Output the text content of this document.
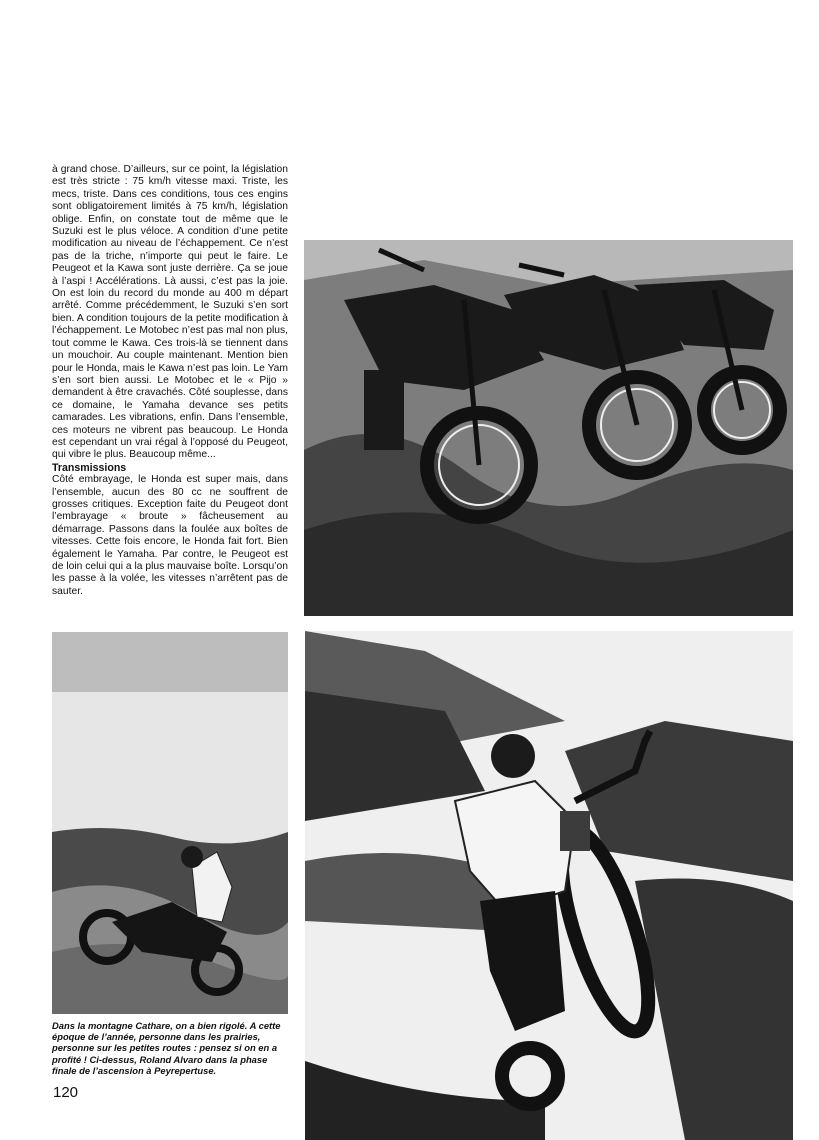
à grand chose. D’ailleurs, sur ce point, la législation est très stricte : 75 km/h vitesse maxi. Triste, les mecs, triste. Dans ces conditions, tous ces engins sont obligatoirement limités à 75 km/h, législation oblige. Enfin, on constate tout de même que le Suzuki est le plus véloce. A condition d’une petite modification au niveau de l’échappement. Ce n’est pas de la triche, n’importe qui peut le faire. Le Peugeot et la Kawa sont juste derrière. Ça se joue à l’aspi ! Accélérations. Là aussi, c’est pas la joie. On est loin du record du monde au 400 m départ arrêté. Comme précédemment, le Suzuki s’en sort bien. A condition toujours de la petite modification à l’échappement. Le Motobec n’est pas mal non plus, tout comme le Kawa. Ces trois-là se tiennent dans un mouchoir. Au couple maintenant. Mention bien pour le Honda, mais le Kawa n’est pas loin. Le Yam s’en sort bien aussi. Le Motobec et le « Pijo » demandent à être cravachés. Côté souplesse, dans ce domaine, le Yamaha devance ses petits camarades. Les vibrations, enfin. Dans l’ensemble, ces moteurs ne vibrent pas beaucoup. Le Honda est cependant un vrai régal à l’opposé du Peugeot, qui vibre le plus. Beaucoup même...

Transmissions

Côté embrayage, le Honda est super mais, dans l’ensemble, aucun des 80 cc ne souffrent de grosses critiques. Exception faite du Peugeot dont l’embrayage « broute » fâcheusement au démarrage. Passons dans la foulée aux boîtes de vitesses. Cette fois encore, le Honda fait fort. Bien également le Yamaha. Par contre, le Peugeot est de loin celui qui a la plus mauvaise boîte. Lorsqu’on les passe à la volée, les vitesses n’arrêtent pas de sauter.

Dans la montagne Cathare, on a bien rigolé. A cette époque de l’année, personne dans les prairies, personne sur les petites routes : pensez si on en a profité ! Ci-dessus, Roland Alvaro dans la phase finale de l’ascension à Peyrepertuse.
120
